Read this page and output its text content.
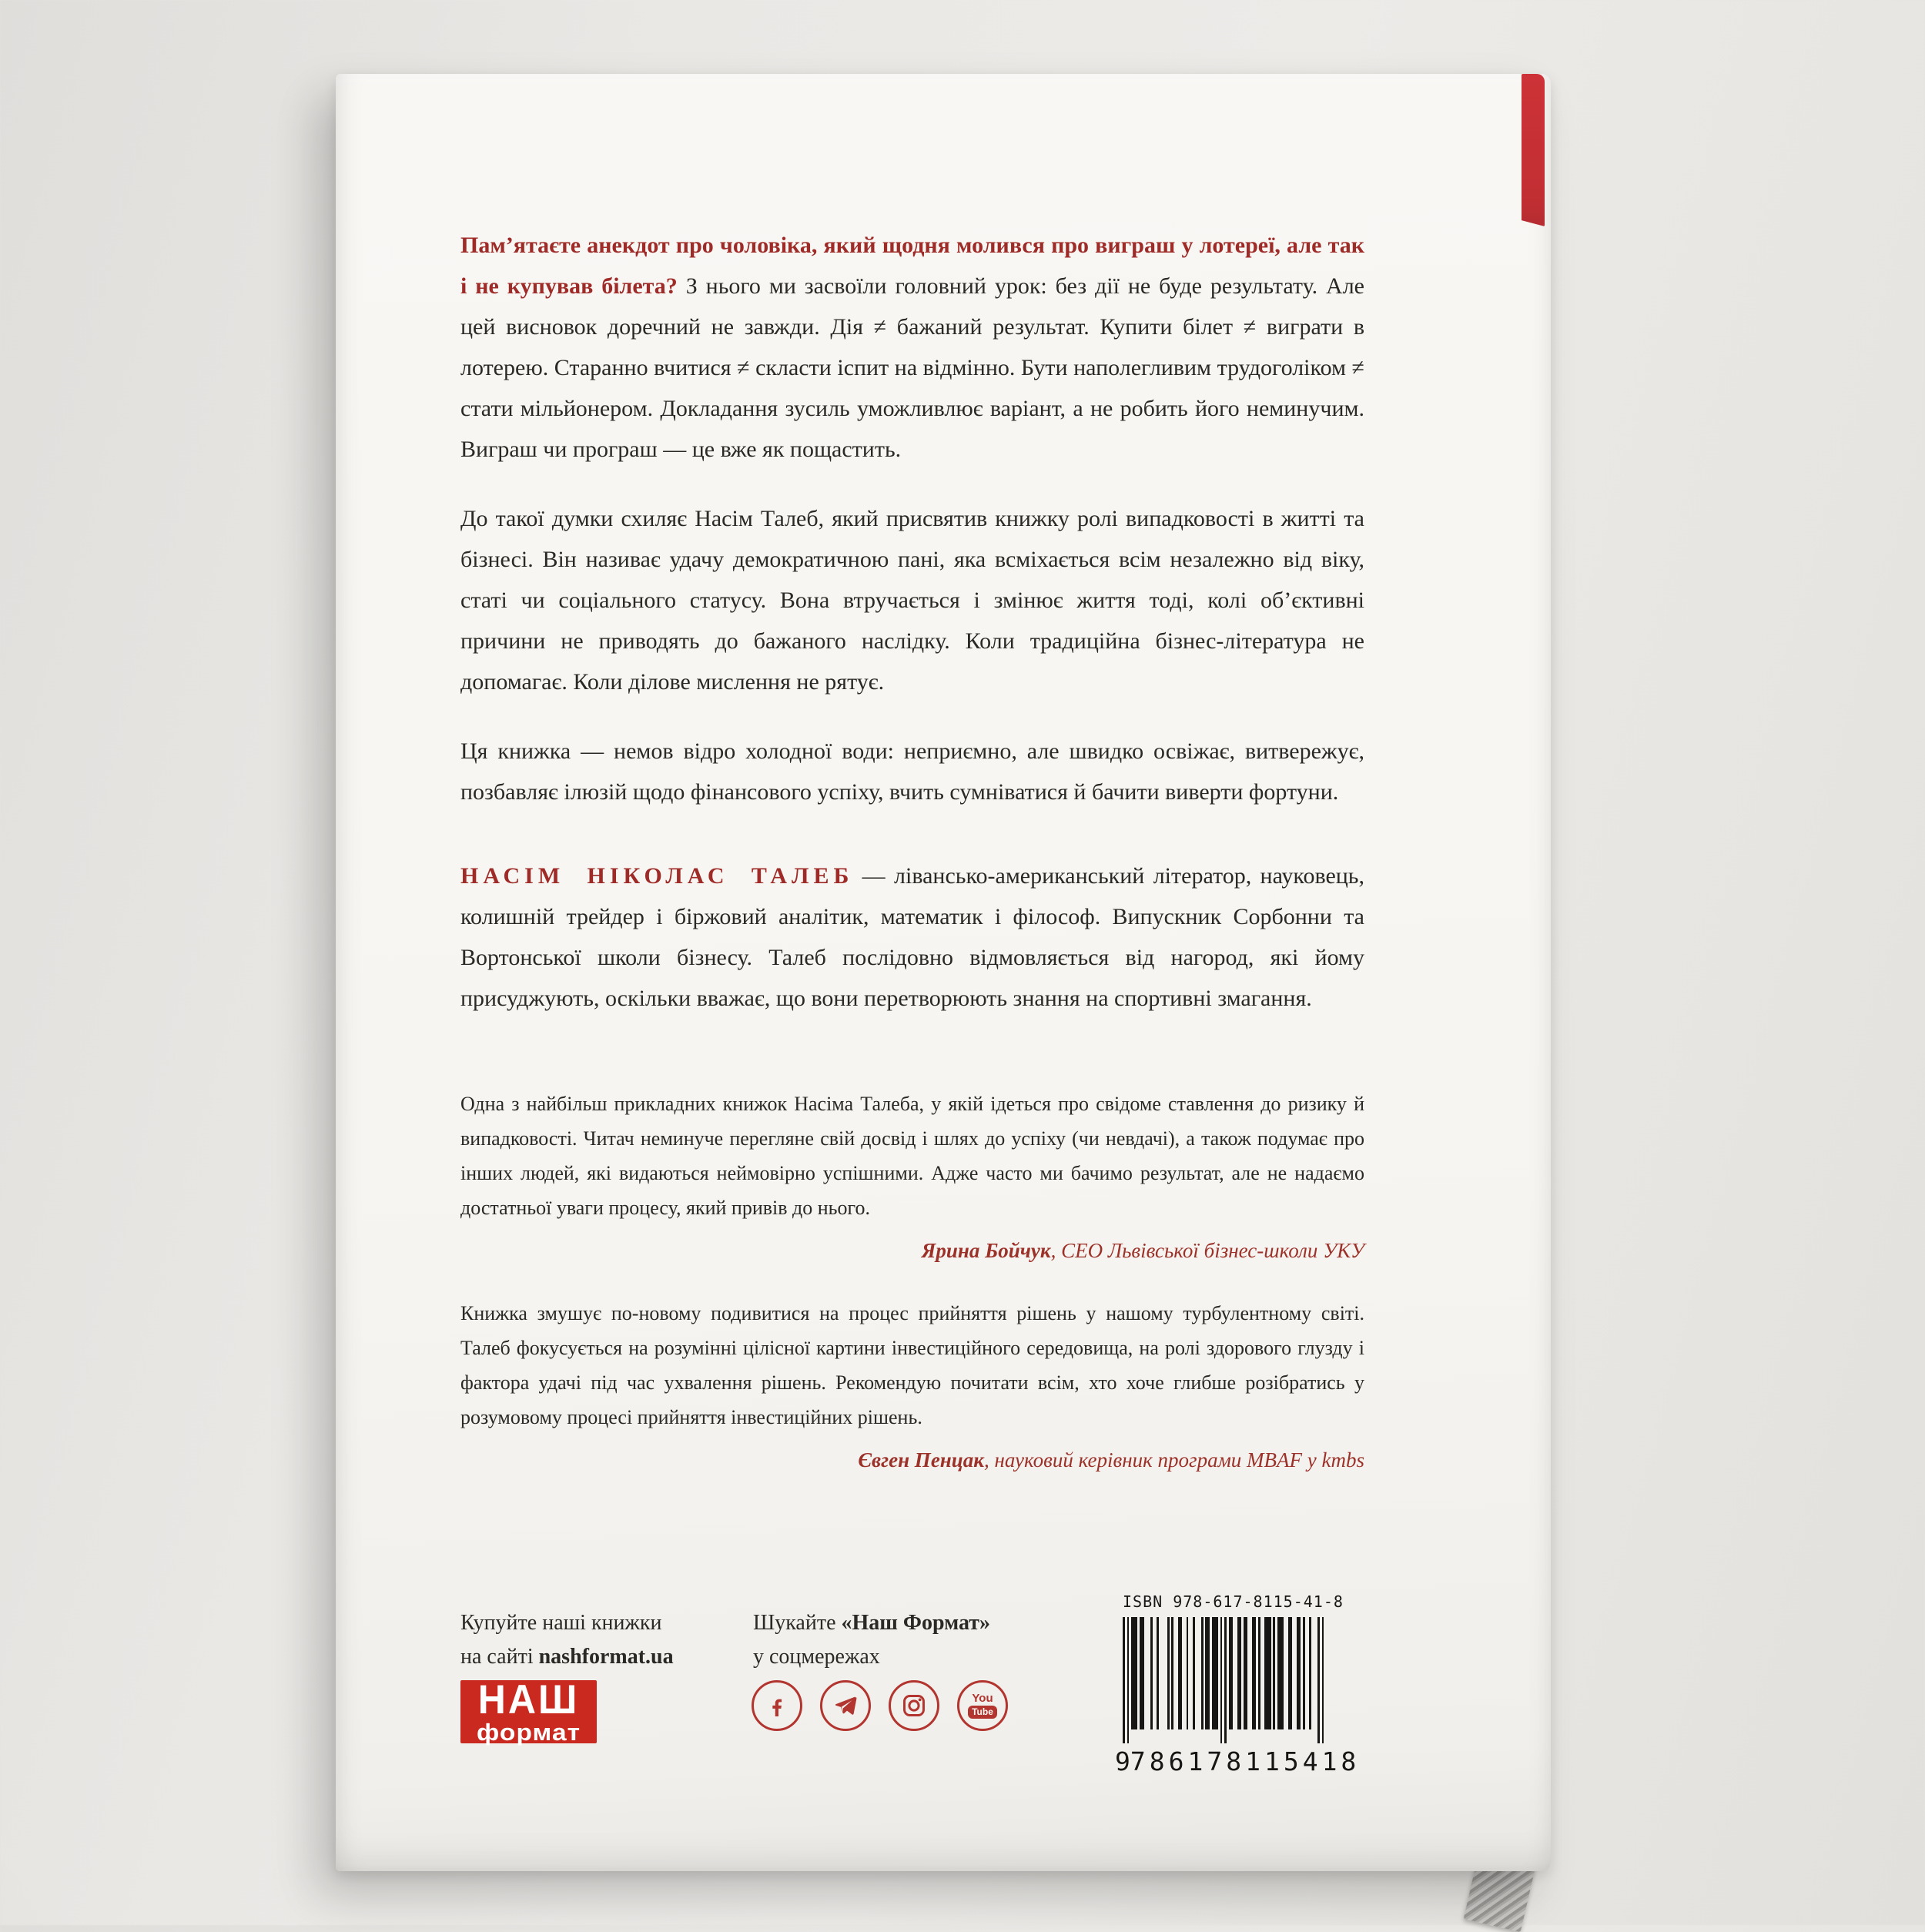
Пам’ятаєте анекдот про чоловіка, який щодня молився про виграш у лотереї, але так і не купував білета? З нього ми засвоїли головний урок: без дії не буде результату. Але цей висновок доречний не завжди. Дія ≠ бажаний результат. Купити білет ≠ виграти в лотерею. Старанно вчитися ≠ скласти іспит на відмінно. Бути наполегливим трудоголіком ≠ стати мільйонером. Докладання зусиль уможливлює варіант, а не робить його неминучим. Виграш чи програш — це вже як пощастить.

До такої думки схиляє Насім Талеб, який присвятив книжку ролі випадковості в житті та бізнесі. Він називає удачу демократичною пані, яка всміхається всім незалежно від віку, статі чи соціального статусу. Вона втручається і змінює життя тоді, колі об’єктивні причини не приводять до бажаного наслідку. Коли традиційна бізнес-література не допомагає. Коли ділове мислення не рятує.

Ця книжка — немов відро холодної води: неприємно, але швидко освіжає, витвережує, позбавляє ілюзій щодо фінансового успіху, вчить сумніватися й бачити виверти фортуни.

НАСІМ НІКОЛАС ТАЛЕБ — лівансько-американський літератор, науковець, колишній трейдер і біржовий аналітик, математик і філософ. Випускник Сорбонни та Вортонської школи бізнесу. Талеб послідовно відмовляється від нагород, які йому присуджують, оскільки вважає, що вони перетворюють знання на спортивні змагання.

Одна з найбільш прикладних книжок Насіма Талеба, у якій ідеться про свідоме ставлення до ризику й випадковості. Читач неминуче перегляне свій досвід і шлях до успіху (чи невдачі), а також подумає про інших людей, які видаються неймовірно успішними. Адже часто ми бачимо результат, але не надаємо достатньої уваги процесу, який привів до нього.

Ярина Бойчук, CEO Львівської бізнес-школи УКУ

Книжка змушує по-новому подивитися на процес прийняття рішень у нашому турбулентному світі. Талеб фокусується на розумінні цілісної картини інвестиційного середовища, на ролі здорового глузду і фактора удачі під час ухвалення рішень. Рекомендую почитати всім, хто хоче глибше розібратись у розумовому процесі прийняття інвестиційних рішень.

Євген Пенцак, науковий керівник програми MBAF у kmbs

Купуйте наші книжки
на сайті nashformat.ua
НАШ
формат
Шукайте «Наш Формат»
у соцмережах
You
Tube
ISBN 978-617-8115-41-8
9 786178 115418
